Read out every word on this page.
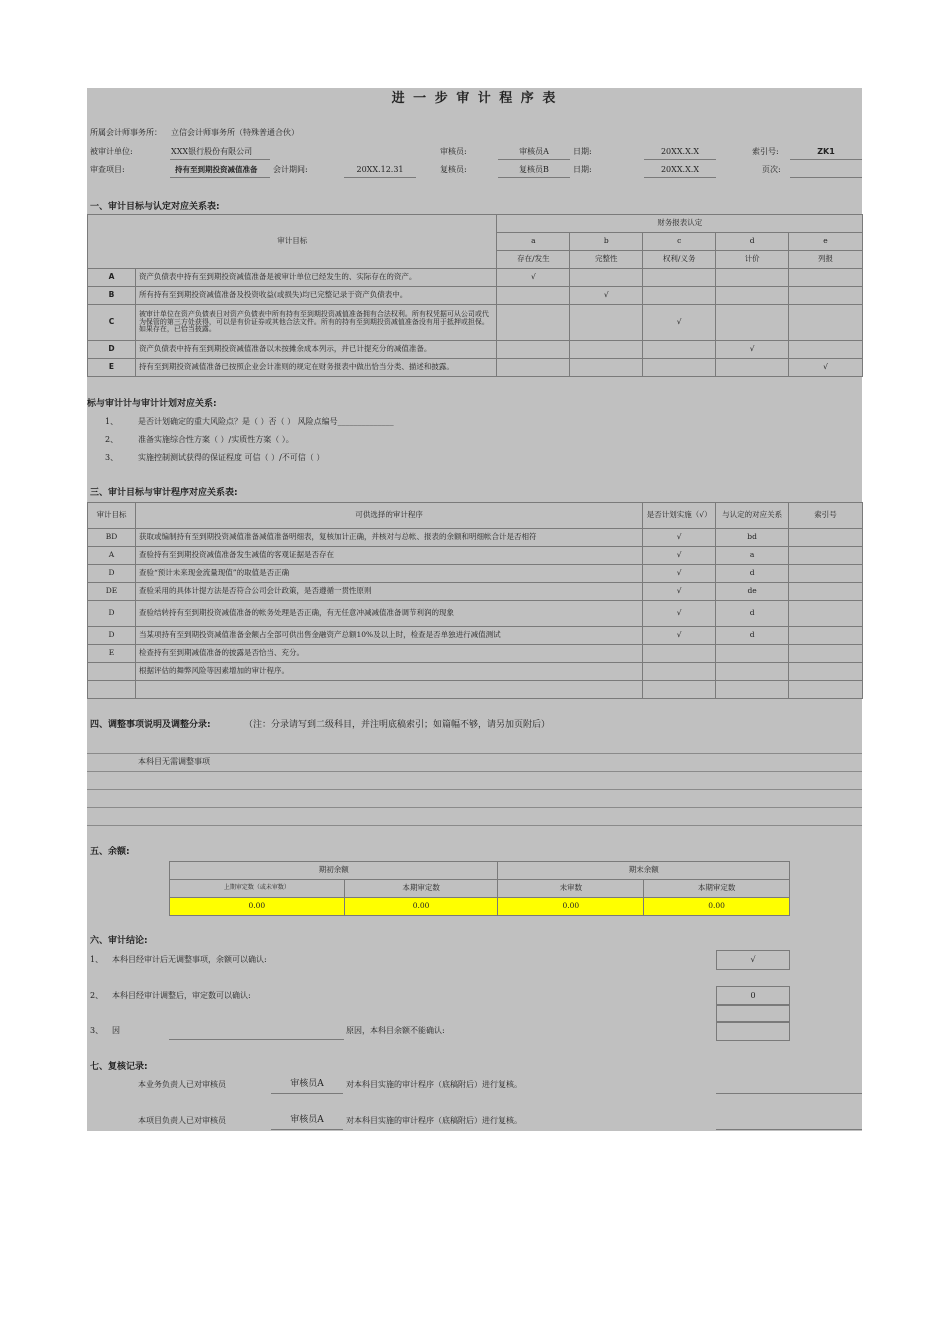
进 一 步 审 计 程 序 表
所属会计师事务所： 立信会计师事务所（特殊普通合伙）
被审计单位:	XXX银行股份有限公司	审核员:	审核员A	日期:	20XX.X.X	索引号:	ZK1
审查项目:	持有至到期投资减值准备 会计期间:	20XX.12.31	复核员:	复核员B	日期:	20XX.X.X	页次:
一、审计目标与认定对应关系表:
审计目标		财务报表认定				
		a	b	c	d	e
		存在/发生	完整性	权利/义务	计价	列报
A	资产负债表中持有至到期投资减值准备是被审计单位已经发生的、实际存在的资产。	√				
B	所有持有至到期投资减值准备及投资收益(或损失)均已完整记录于资产负债表中。		√			
C	被审计单位在资产负债表日对资产负债表中所有持有至到期投资减值准备拥有合法权利。所有权凭据可从公司或代为保管的第三方处获得，可以是有价证券或其他合法文件。所有的持有至到期投资减值准备没有用于抵押或担保。如果存在，已恰当披露。			√		
D	资产负债表中持有至到期投资减值准备以未按摊余成本列示，并已计提充分的减值准备。				√	
E	持有至到期投资减值准备已按照企业会计准则的规定在财务报表中做出恰当分类、描述和披露。					√
标与审计计与审计计划对应关系:
1、 是否计划确定的重大风险点？是（ ）否（ ） 风险点编号______________
2、 准备实施综合性方案（ ）/实质性方案（ ）。
3、 实施控制测试获得的保证程度 可信（ ）/不可信（ ）
三、审计目标与审计程序对应关系表:
审计目标	可供选择的审计程序	是否计划实施（√）	与认定的对应关系	索引号
BD	获取或编制持有至到期投资减值准备减值准备明细表，复核加计正确，并核对与总帐、报表的余额和明细帐合计是否相符	√	bd	
A	查验持有至到期投资减值准备发生减值的客观证据是否存在	√	a	
D	查验“预计未来现金流量现值”的取值是否正确	√	d	
DE	查验采用的具体计提方法是否符合公司会计政策，是否遵循一贯性原则	√	de	
D	查验结转持有至到期投资减值准备的帐务处理是否正确，有无任意冲减减值准备调节利润的现象	√	d	
D	当某项持有至到期投资减值准备金额占全部可供出售金融资产总额10%及以上时，检查是否单独进行减值测试	√	d	
E	检查持有至到期减值准备的披露是否恰当、充分。			
	根据评估的舞弊风险等因素增加的审计程序。			

四、调整事项说明及调整分录:	（注：分录请写到二级科目，并注明底稿索引；如篇幅不够，请另加页附后）
本科目无需调整事项
五、余额:
期初余额		期末余额	
上期审定数（或未审数）	本期审定数	未审数	本期审定数
0.00	0.00	0.00	0.00
六、审计结论:
1、 本科目经审计后无调整事项，余额可以确认:	√
2、 本科目经审计调整后，审定数可以确认:	0
3、 因	原因，本科目余额不能确认:
七、复核记录:
本业务负责人已对审核员	审核员A	对本科目实施的审计程序（底稿附后）进行复核。
本项目负责人已对审核员	审核员A	对本科目实施的审计程序（底稿附后）进行复核。
